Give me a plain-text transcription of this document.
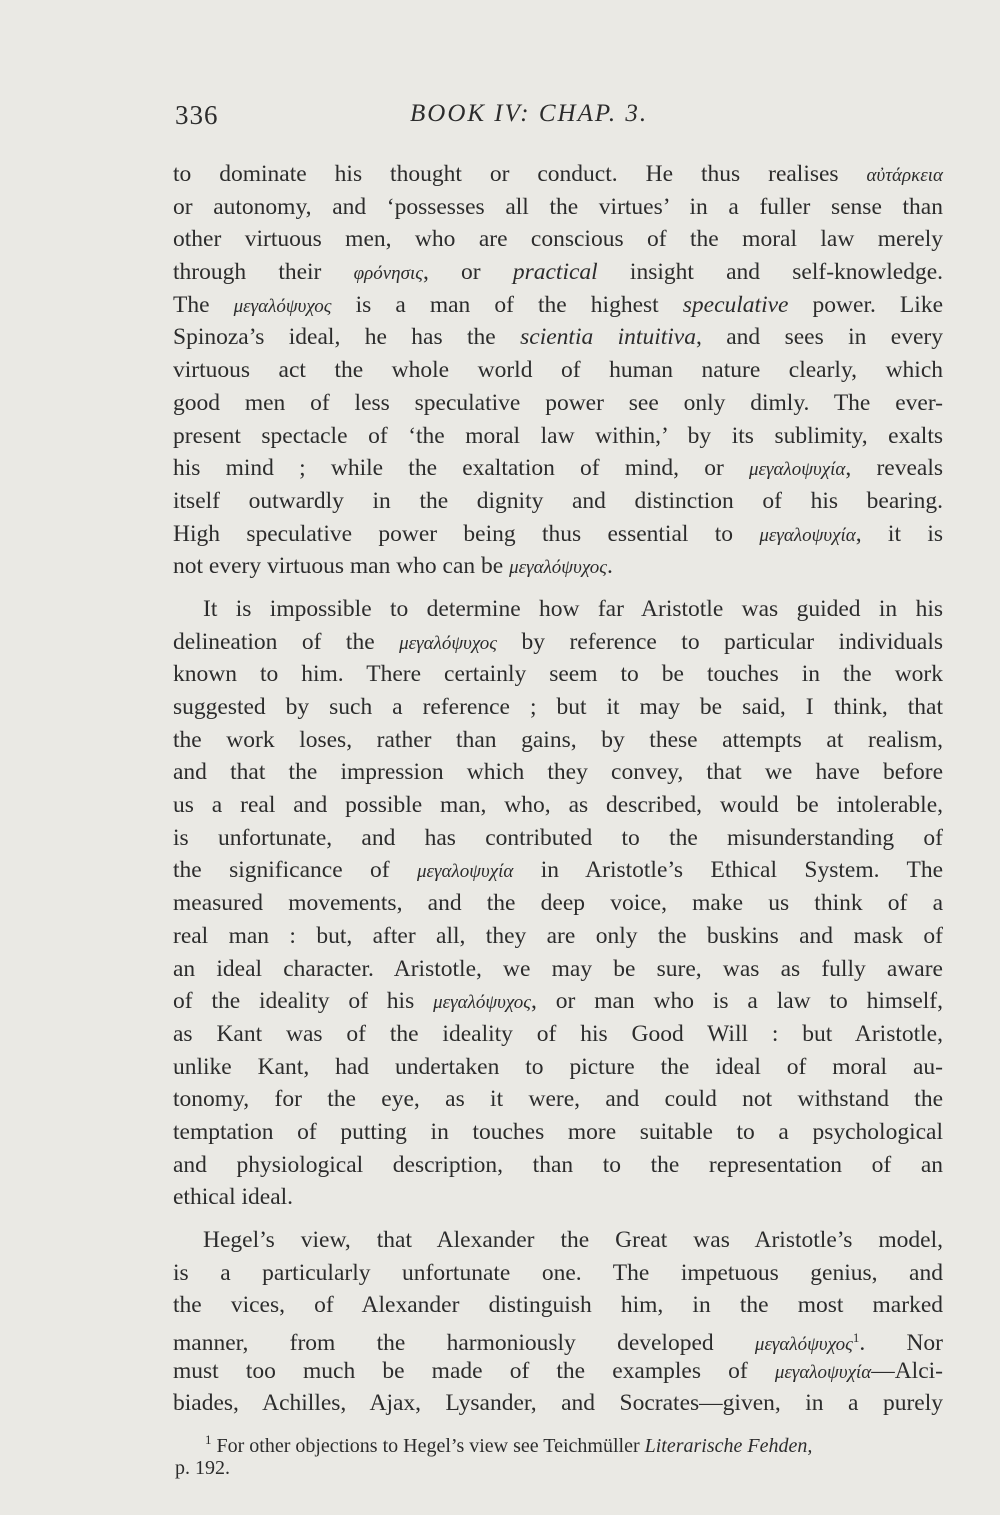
336	BOOK IV: CHAP. 3.
to dominate his thought or conduct. He thus realises αὐτάρκεια
or autonomy, and ‘possesses all the virtues’ in a fuller sense than
other virtuous men, who are conscious of the moral law merely
through their φρόνησις, or practical insight and self-knowledge.
The μεγαλόψυχος is a man of the highest speculative power. Like
Spinoza’s ideal, he has the scientia intuitiva, and sees in every
virtuous act the whole world of human nature clearly, which
good men of less speculative power see only dimly. The ever-
present spectacle of ‘the moral law within,’ by its sublimity, exalts
his mind ; while the exaltation of mind, or μεγαλοψυχία, reveals
itself outwardly in the dignity and distinction of his bearing.
High speculative power being thus essential to μεγαλοψυχία, it is
not every virtuous man who can be μεγαλόψυχος.
It is impossible to determine how far Aristotle was guided in his
delineation of the μεγαλόψυχος by reference to particular individuals
known to him. There certainly seem to be touches in the work
suggested by such a reference ; but it may be said, I think, that
the work loses, rather than gains, by these attempts at realism,
and that the impression which they convey, that we have before
us a real and possible man, who, as described, would be intolerable,
is unfortunate, and has contributed to the misunderstanding of
the significance of μεγαλοψυχία in Aristotle’s Ethical System. The
measured movements, and the deep voice, make us think of a
real man : but, after all, they are only the buskins and mask of
an ideal character. Aristotle, we may be sure, was as fully aware
of the ideality of his μεγαλόψυχος, or man who is a law to himself,
as Kant was of the ideality of his Good Will : but Aristotle,
unlike Kant, had undertaken to picture the ideal of moral au-
tonomy, for the eye, as it were, and could not withstand the
temptation of putting in touches more suitable to a psychological
and physiological description, than to the representation of an
ethical ideal.
Hegel’s view, that Alexander the Great was Aristotle’s model,
is a particularly unfortunate one. The impetuous genius, and
the vices, of Alexander distinguish him, in the most marked
manner, from the harmoniously developed μεγαλόψυχος$^1$. Nor
must too much be made of the examples of μεγαλοψυχία—Alci-
biades, Achilles, Ajax, Lysander, and Socrates—given, in a purely
$^1$ For other objections to Hegel’s view see Teichmüller Literarische Fehden,
p. 192.
